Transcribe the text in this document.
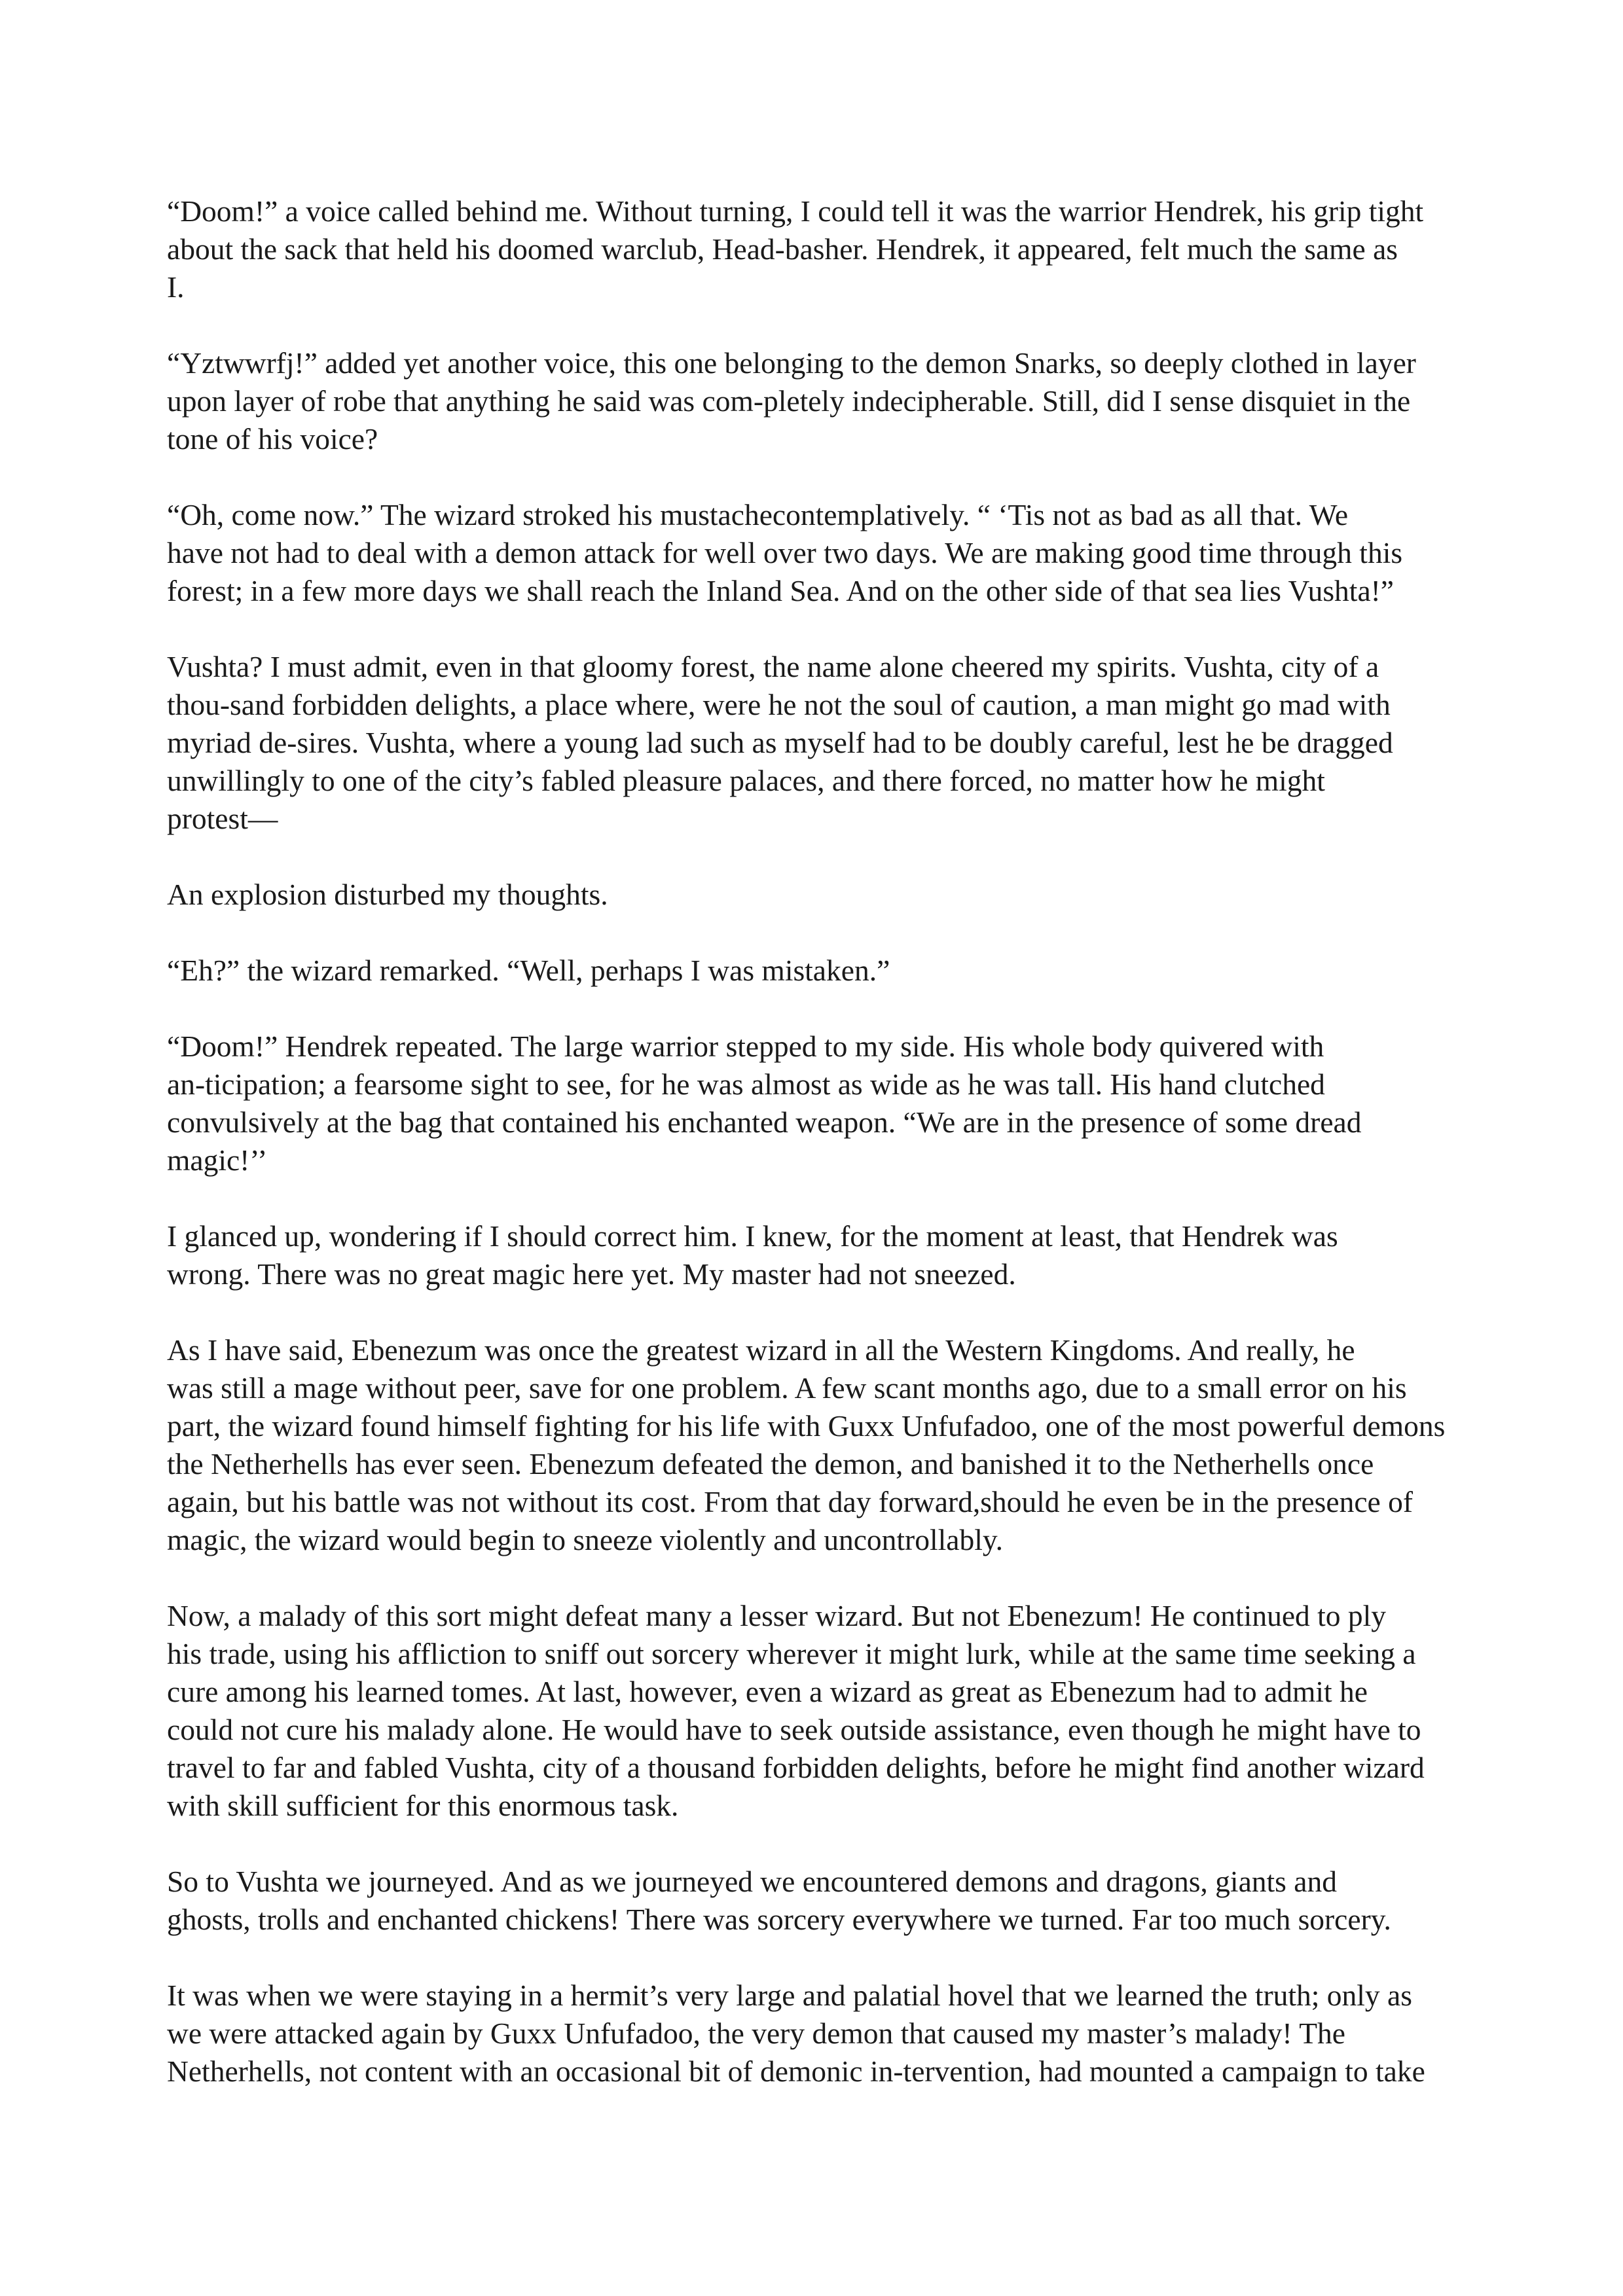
“Doom!” a voice called behind me. Without turning, I could tell it was the warrior Hendrek, his grip tight
about the sack that held his doomed warclub, Head-basher. Hendrek, it appeared, felt much the same as
I.

“Yztwwrfj!” added yet another voice, this one belonging to the demon Snarks, so deeply clothed in layer
upon layer of robe that anything he said was com-pletely indecipherable. Still, did I sense disquiet in the
tone of his voice?

“Oh, come now.” The wizard stroked his mustachecontemplatively. “ ‘Tis not as bad as all that. We
have not had to deal with a demon attack for well over two days. We are making good time through this
forest; in a few more days we shall reach the Inland Sea. And on the other side of that sea lies Vushta!”

Vushta? I must admit, even in that gloomy forest, the name alone cheered my spirits. Vushta, city of a
thou-sand forbidden delights, a place where, were he not the soul of caution, a man might go mad with
myriad de-sires. Vushta, where a young lad such as myself had to be doubly careful, lest he be dragged
unwillingly to one of the city’s fabled pleasure palaces, and there forced, no matter how he might
protest—

An explosion disturbed my thoughts.

“Eh?” the wizard remarked. “Well, perhaps I was mistaken.”

“Doom!” Hendrek repeated. The large warrior stepped to my side. His whole body quivered with
an-ticipation; a fearsome sight to see, for he was almost as wide as he was tall. His hand clutched
convulsively at the bag that contained his enchanted weapon. “We are in the presence of some dread
magic!’’

I glanced up, wondering if I should correct him. I knew, for the moment at least, that Hendrek was
wrong. There was no great magic here yet. My master had not sneezed.

As I have said, Ebenezum was once the greatest wizard in all the Western Kingdoms. And really, he
was still a mage without peer, save for one problem. A few scant months ago, due to a small error on his
part, the wizard found himself fighting for his life with Guxx Unfufadoo, one of the most powerful demons
the Netherhells has ever seen. Ebenezum defeated the demon, and banished it to the Netherhells once
again, but his battle was not without its cost. From that day forward,should he even be in the presence of
magic, the wizard would begin to sneeze violently and uncontrollably.

Now, a malady of this sort might defeat many a lesser wizard. But not Ebenezum! He continued to ply
his trade, using his affliction to sniff out sorcery wherever it might lurk, while at the same time seeking a
cure among his learned tomes. At last, however, even a wizard as great as Ebenezum had to admit he
could not cure his malady alone. He would have to seek outside assistance, even though he might have to
travel to far and fabled Vushta, city of a thousand forbidden delights, before he might find another wizard
with skill sufficient for this enormous task.

So to Vushta we journeyed. And as we journeyed we encountered demons and dragons, giants and
ghosts, trolls and enchanted chickens! There was sorcery everywhere we turned. Far too much sorcery.

It was when we were staying in a hermit’s very large and palatial hovel that we learned the truth; only as
we were attacked again by Guxx Unfufadoo, the very demon that caused my master’s malady! The
Netherhells, not content with an occasional bit of demonic in-tervention, had mounted a campaign to take
